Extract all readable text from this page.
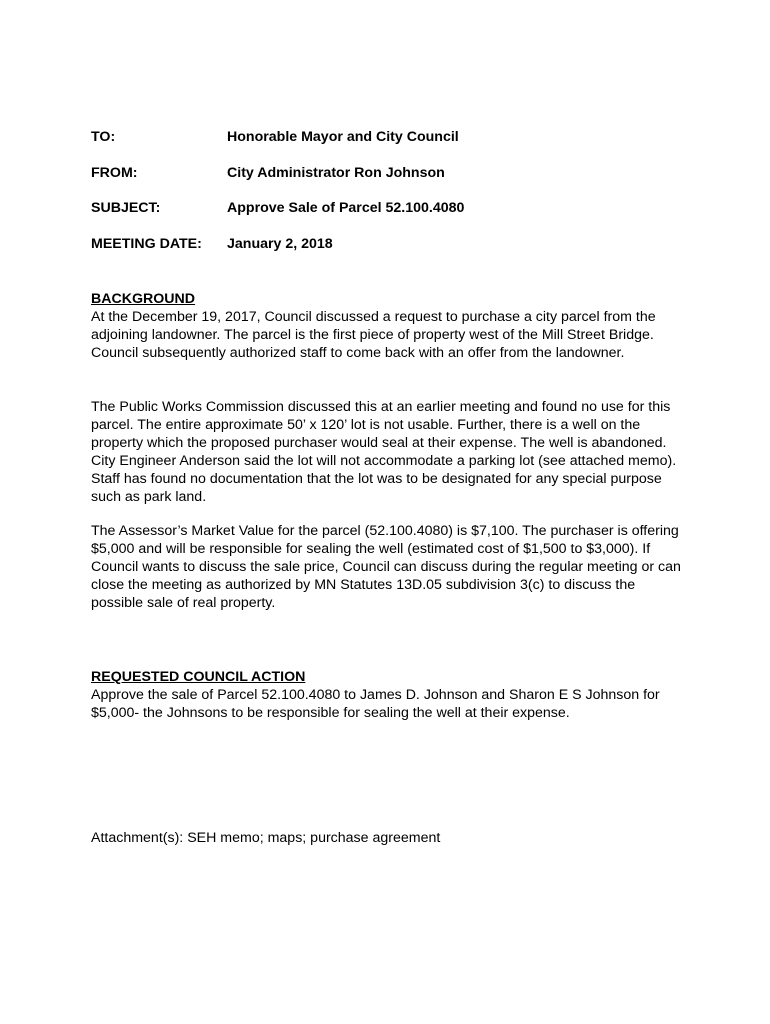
TO:	Honorable Mayor and City Council
FROM:	City Administrator Ron Johnson
SUBJECT:	Approve Sale of Parcel 52.100.4080
MEETING DATE: January 2, 2018

BACKGROUND

At the December 19, 2017, Council discussed a request to purchase a city parcel from the adjoining landowner. The parcel is the first piece of property west of the Mill Street Bridge. Council subsequently authorized staff to come back with an offer from the landowner.

The Public Works Commission discussed this at an earlier meeting and found no use for this parcel. The entire approximate 50’ x 120’ lot is not usable. Further, there is a well on the property which the proposed purchaser would seal at their expense. The well is abandoned. City Engineer Anderson said the lot will not accommodate a parking lot (see attached memo). Staff has found no documentation that the lot was to be designated for any special purpose such as park land.

The Assessor’s Market Value for the parcel (52.100.4080) is $7,100. The purchaser is offering $5,000 and will be responsible for sealing the well (estimated cost of $1,500 to $3,000). If Council wants to discuss the sale price, Council can discuss during the regular meeting or can close the meeting as authorized by MN Statutes 13D.05 subdivision 3(c) to discuss the possible sale of real property.

REQUESTED COUNCIL ACTION

Approve the sale of Parcel 52.100.4080 to James D. Johnson and Sharon E S Johnson for $5,000- the Johnsons to be responsible for sealing the well at their expense.

Attachment(s): SEH memo; maps; purchase agreement
